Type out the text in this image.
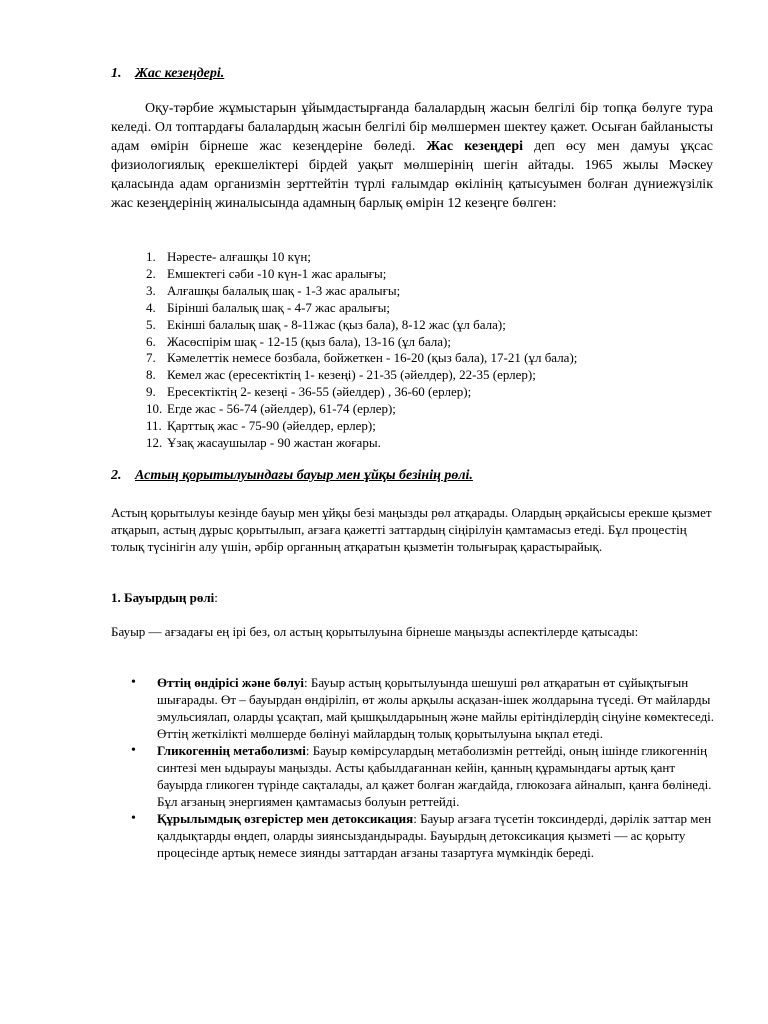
1. Жас кезеңдері.
Оқу-тәрбие жұмыстарын ұйымдастырғанда балалардың жасын белгілі бір топқа бөлуге тура келеді. Ол топтардағы балалардың жасын белгілі бір мөлшермен шектеу қажет. Осыған байланысты адам өмірін бірнеше жас кезеңдеріне бөледі. Жас кезеңдері деп өсу мен дамуы ұқсас физиологиялық ерекшеліктері бірдей уақыт мөлшерінің шегін айтады. 1965 жылы Мәскеу қаласында адам организмін зерттейтін түрлі ғалымдар өкілінің қатысуымен болған дүниежүзілік жас кезеңдерінің жиналысында адамның барлық өмірін 12 кезеңге бөлген:
1. Нәресте- алғашқы 10 күн;
2. Емшектегі сәби -10 күн-1 жас аралығы;
3. Алғашқы балалық шақ - 1-3 жас аралығы;
4. Бірінші балалық шақ - 4-7 жас аралығы;
5. Екінші балалық шақ - 8-11жас (қыз бала), 8-12 жас (ұл бала);
6. Жасөспірім шақ - 12-15 (қыз бала), 13-16 (ұл бала);
7. Кәмелеттік немесе бозбала, бойжеткен - 16-20 (қыз бала), 17-21 (ұл бала);
8. Кемел жас (ересектіктің 1- кезеңі) - 21-35 (әйелдер), 22-35 (ерлер);
9. Ересектіктің 2- кезеңі - 36-55 (әйелдер) , 36-60 (ерлер);
10. Егде жас - 56-74 (әйелдер), 61-74 (ерлер);
11. Қарттық жас - 75-90 (әйелдер, ерлер);
12. Ұзақ жасаушылар - 90 жастан жоғары.
2. Астың қорытылуындағы бауыр мен ұйқы безінің рөлі.
Астың қорытылуы кезінде бауыр мен ұйқы безі маңызды рөл атқарады. Олардың әрқайсысы ерекше қызмет атқарып, астың дұрыс қорытылып, ағзаға қажетті заттардың сіңірілуін қамтамасыз етеді. Бұл процестің толық түсінігін алу үшін, әрбір органның атқаратын қызметін толығырақ қарастырайық.
1. Бауырдың рөлі:
Бауыр — ағзадағы ең ірі без, ол астың қорытылуына бірнеше маңызды аспектілерде қатысады:
•	Өттің өндірісі және бөлуі: Бауыр астың қорытылуында шешуші рөл атқаратын өт сұйықтығын шығарады. Өт – бауырдан өндіріліп, өт жолы арқылы асқазан-ішек жолдарына түседі. Өт майларды эмульсиялап, оларды ұсақтап, май қышқылдарының және майлы ерітінділердің сіңуіне көмектеседі. Өттің жеткілікті мөлшерде бөлінуі майлардың толық қорытылуына ықпал етеді.
•	Гликогеннің метаболизмі: Бауыр көмірсулардың метаболизмін реттейді, оның ішінде гликогеннің синтезі мен ыдырауы маңызды. Асты қабылдағаннан кейін, қанның құрамындағы артық қант бауырда гликоген түрінде сақталады, ал қажет болған жағдайда, глюкозаға айналып, қанға бөлінеді. Бұл ағзаның энергиямен қамтамасыз болуын реттейді.
•	Құрылымдық өзгерістер мен детоксикация: Бауыр ағзаға түсетін токсиндерді, дәрілік заттар мен қалдықтарды өңдеп, оларды зиянсыздандырады. Бауырдың детоксикация қызметі — ас қорыту процесінде артық немесе зиянды заттардан ағзаны тазартуға мүмкіндік береді.
